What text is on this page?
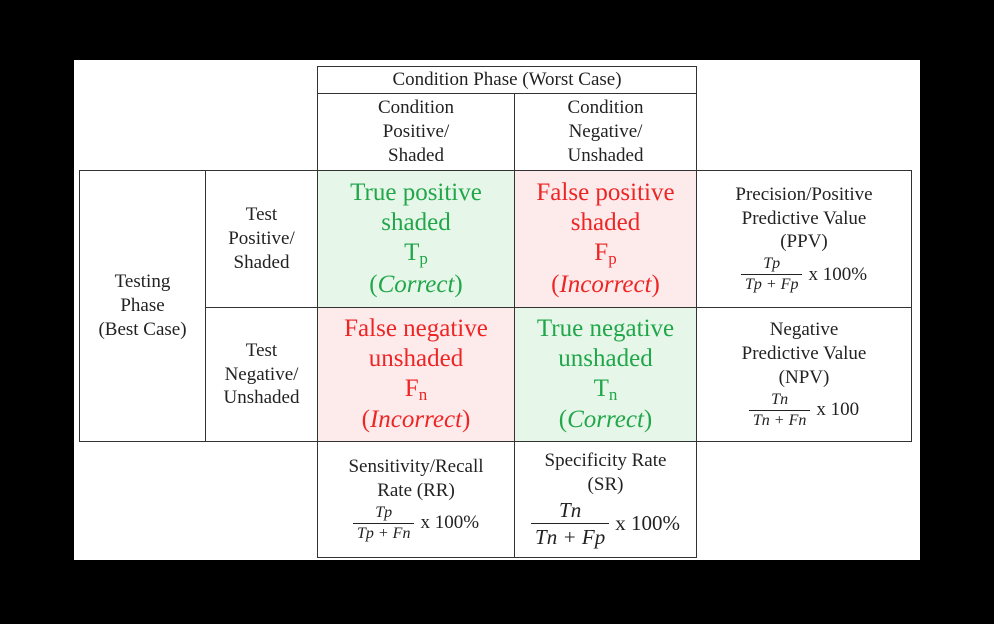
Condition Phase (Worst Case)
Condition
Positive/
Shaded
Condition
Negative/
Unshaded
Testing
Phase
(Best Case)
Test
Positive/
Shaded
Test
Negative/
Unshaded
True positive
shaded
$T_p$
(Correct)
False positive
shaded
$F_p$
(Incorrect)
False negative
unshaded
$F_n$
(Incorrect)
True negative
unshaded
$T_n$
(Correct)
Precision/Positive
Predictive Value
(PPV)
$\frac{Tp}{Tp + Fp}$ x 100%
Negative
Predictive Value
(NPV)
$\frac{Tn}{Tn + Fn}$ x 100
Sensitivity/Recall
Rate (RR)
$\frac{Tp}{Tp + Fn}$ x 100%
Specificity Rate
(SR)
$\frac{Tn}{Tn + Fp}$ x 100%
